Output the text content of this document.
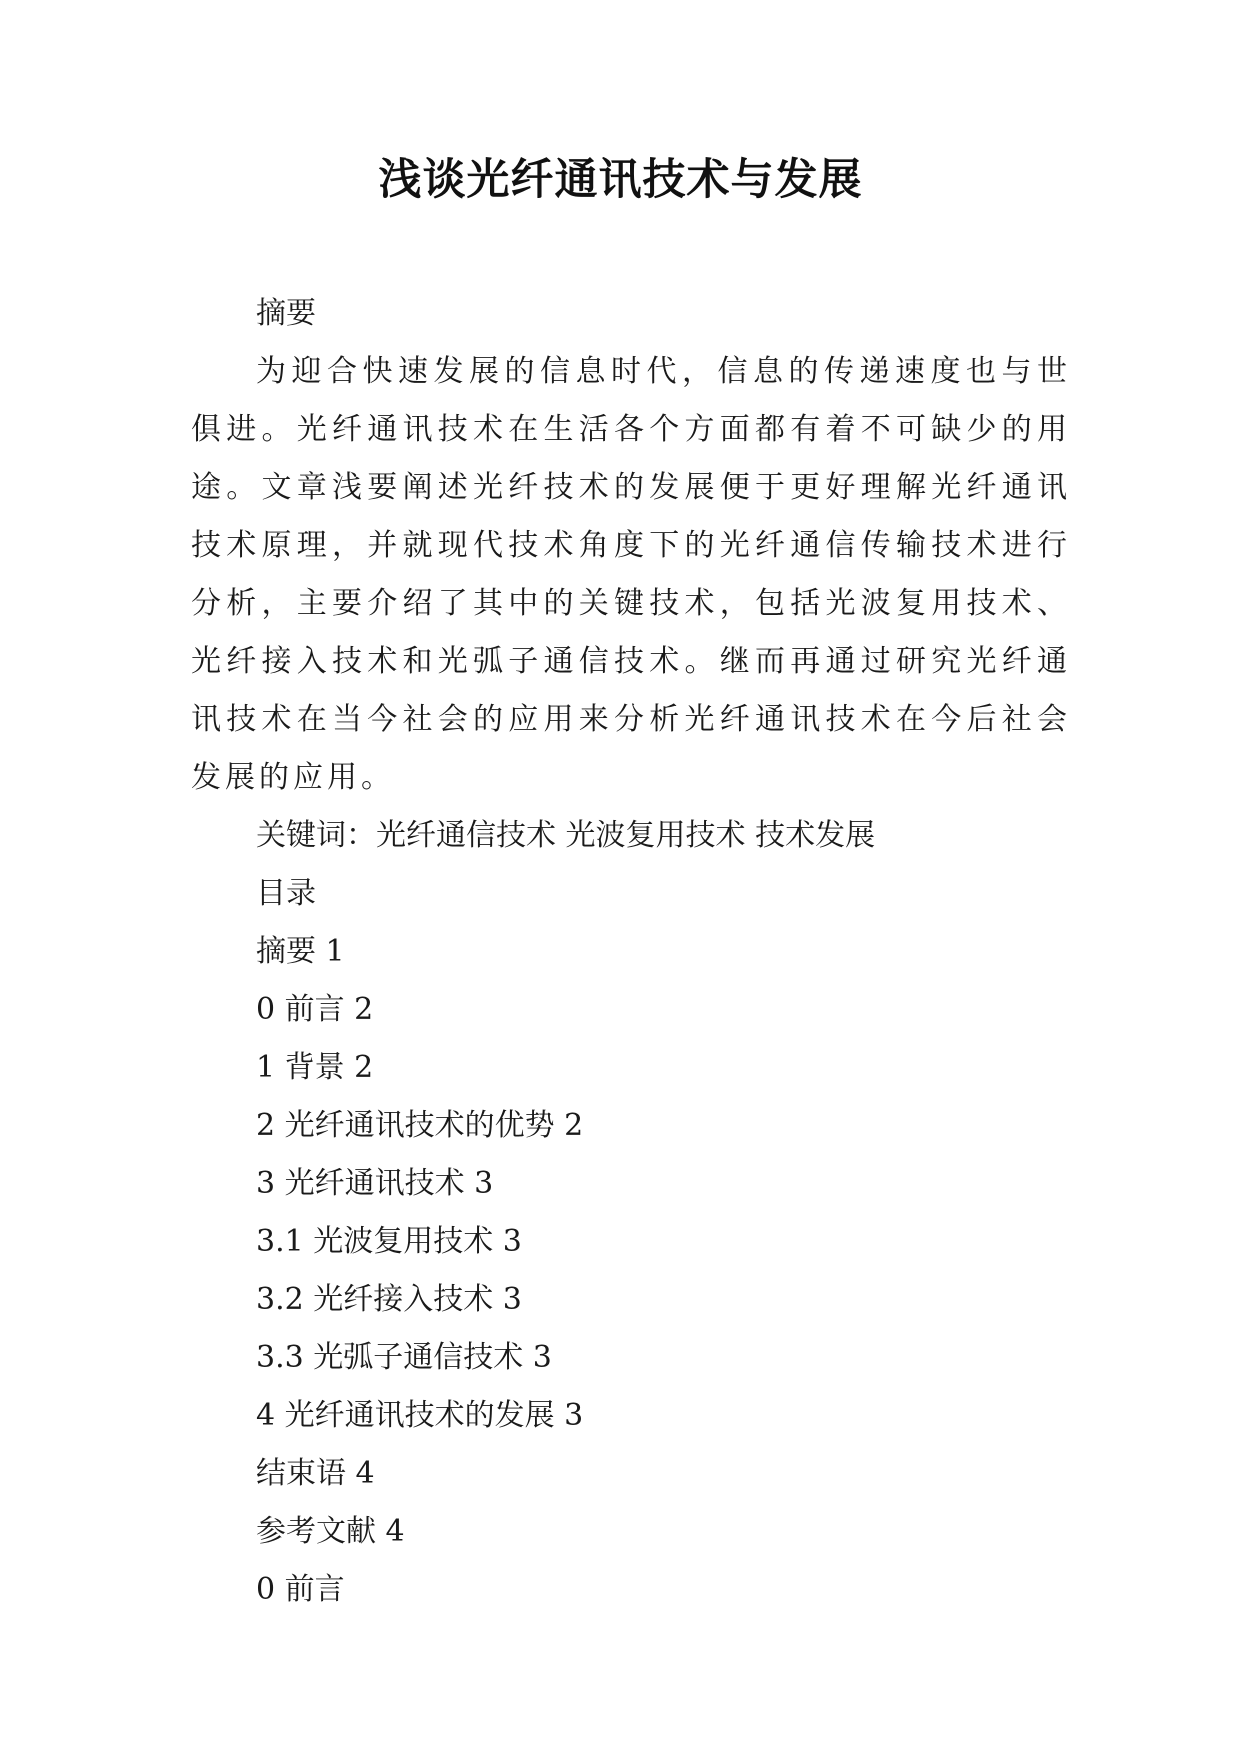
浅谈光纤通讯技术与发展
摘要
为迎合快速发展的信息时代，信息的传递速度也与世俱进。光纤通讯技术在生活各个方面都有着不可缺少的用途。文章浅要阐述光纤技术的发展便于更好理解光纤通讯技术原理，并就现代技术角度下的光纤通信传输技术进行分析，主要介绍了其中的关键技术，包括光波复用技术、光纤接入技术和光弧子通信技术。继而再通过研究光纤通讯技术在当今社会的应用来分析光纤通讯技术在今后社会发展的应用。
关键词：光纤通信技术 光波复用技术 技术发展
目录
摘要 1
0 前言 2
1 背景 2
2 光纤通讯技术的优势 2
3 光纤通讯技术 3
3.1 光波复用技术 3
3.2 光纤接入技术 3
3.3 光弧子通信技术 3
4 光纤通讯技术的发展 3
结束语 4
参考文献 4
0 前言
